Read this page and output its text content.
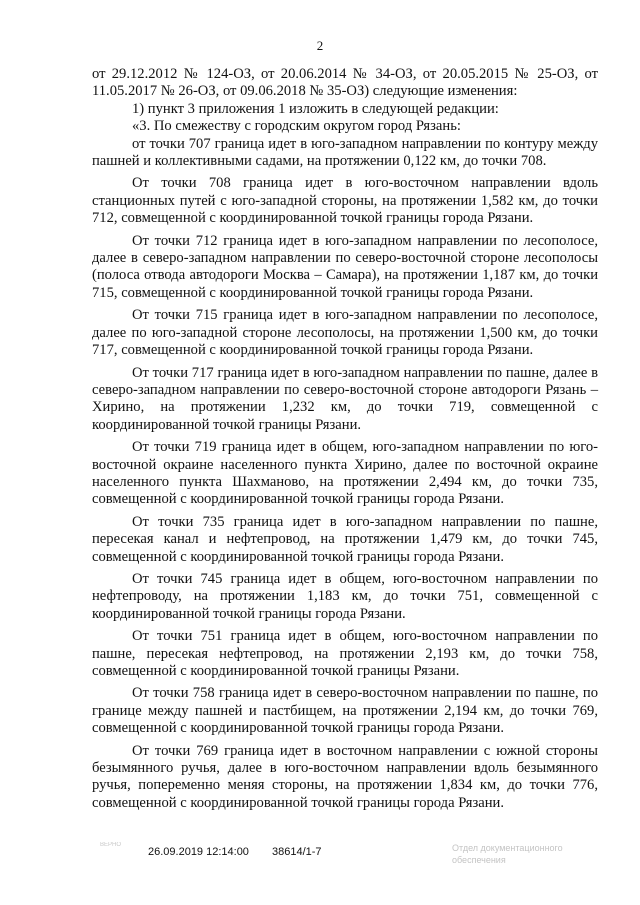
2

от 29.12.2012 № 124-ОЗ, от 20.06.2014 № 34-ОЗ, от 20.05.2015 № 25-ОЗ, от 11.05.2017 № 26-ОЗ, от 09.06.2018 № 35-ОЗ) следующие изменения:

1) пункт 3 приложения 1 изложить в следующей редакции:

«3. По смежеству с городским округом город Рязань:

от точки 707 граница идет в юго-западном направлении по контуру между пашней и коллективными садами, на протяжении 0,122 км, до точки 708.

От точки 708 граница идет в юго-восточном направлении вдоль станционных путей с юго-западной стороны, на протяжении 1,582 км, до точки 712, совмещенной с координированной точкой границы города Рязани.

От точки 712 граница идет в юго-западном направлении по лесополосе, далее в северо-западном направлении по северо-восточной стороне лесополосы (полоса отвода автодороги Москва – Самара), на протяжении 1,187 км, до точки 715, совмещенной с координированной точкой границы города Рязани.

От точки 715 граница идет в юго-западном направлении по лесополосе, далее по юго-западной стороне лесополосы, на протяжении 1,500 км, до точки 717, совмещенной с координированной точкой границы города Рязани.

От точки 717 граница идет в юго-западном направлении по пашне, далее в северо-западном направлении по северо-восточной стороне автодороги Рязань – Хирино, на протяжении 1,232 км, до точки 719, совмещенной с координированной точкой границы Рязани.

От точки 719 граница идет в общем, юго-западном направлении по юго-восточной окраине населенного пункта Хирино, далее по восточной окраине населенного пункта Шахманово, на протяжении 2,494 км, до точки 735, совмещенной с координированной точкой границы города Рязани.

От точки 735 граница идет в юго-западном направлении по пашне, пересекая канал и нефтепровод, на протяжении 1,479 км, до точки 745, совмещенной с координированной точкой границы города Рязани.

От точки 745 граница идет в общем, юго-восточном направлении по нефтепроводу, на протяжении 1,183 км, до точки 751, совмещенной с координированной точкой границы города Рязани.

От точки 751 граница идет в общем, юго-восточном направлении по пашне, пересекая нефтепровод, на протяжении 2,193 км, до точки 758, совмещенной с координированной точкой границы Рязани.

От точки 758 граница идет в северо-восточном направлении по пашне, по границе между пашней и пастбищем, на протяжении 2,194 км, до точки 769, совмещенной с координированной точкой границы города Рязани.

От точки 769 граница идет в восточном направлении с южной стороны безымянного ручья, далее в юго-восточном направлении вдоль безымянного ручья, попеременно меняя стороны, на протяжении 1,834 км, до точки 776, совмещенной с координированной точкой границы города Рязани.

ВЕРНО
26.09.2019 12:14:00 38614/1-7	Отдел документационного
обеспечения
